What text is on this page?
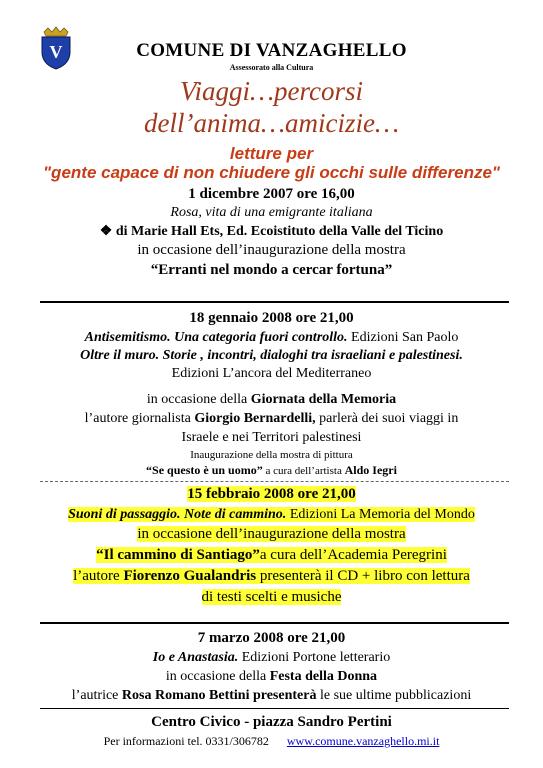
V	COMUNE DI VANZAGHELLO
Assessorato alla Cultura
Viaggi…percorsi
dell’anima…amicizie…
letture per
"gente capace di non chiudere gli occhi sulle differenze"
1 dicembre 2007 ore 16,00
Rosa, vita di una emigrante italiana
❖ di Marie Hall Ets, Ed. Ecoistituto della Valle del Ticino
in occasione dell’inaugurazione della mostra
“Erranti nel mondo a cercar fortuna”
18 gennaio 2008 ore 21,00
Antisemitismo. Una categoria fuori controllo. Edizioni San Paolo
Oltre il muro. Storie , incontri, dialoghi tra israeliani e palestinesi.
Edizioni L’ancora del Mediterraneo
in occasione della Giornata della Memoria
l’autore giornalista Giorgio Bernardelli, parlerà dei suoi viaggi in
Israele e nei Territori palestinesi
Inaugurazione della mostra di pittura
“Se questo è un uomo” a cura dell’artista Aldo Iegri
15 febbraio 2008 ore 21,00
Suoni di passaggio. Note di cammino. Edizioni La Memoria del Mondo
in occasione dell’inaugurazione della mostra
“Il cammino di Santiago”a cura dell’Academia Peregrini
l’autore Fiorenzo Gualandris presenterà il CD + libro con lettura
di testi scelti e musiche
7 marzo 2008 ore 21,00
Io e Anastasia. Edizioni Portone letterario
in occasione della Festa della Donna
l’autrice Rosa Romano Bettini presenterà le sue ultime pubblicazioni
Centro Civico - piazza Sandro Pertini
Per informazioni tel. 0331/306782 www.comune.vanzaghello.mi.it
